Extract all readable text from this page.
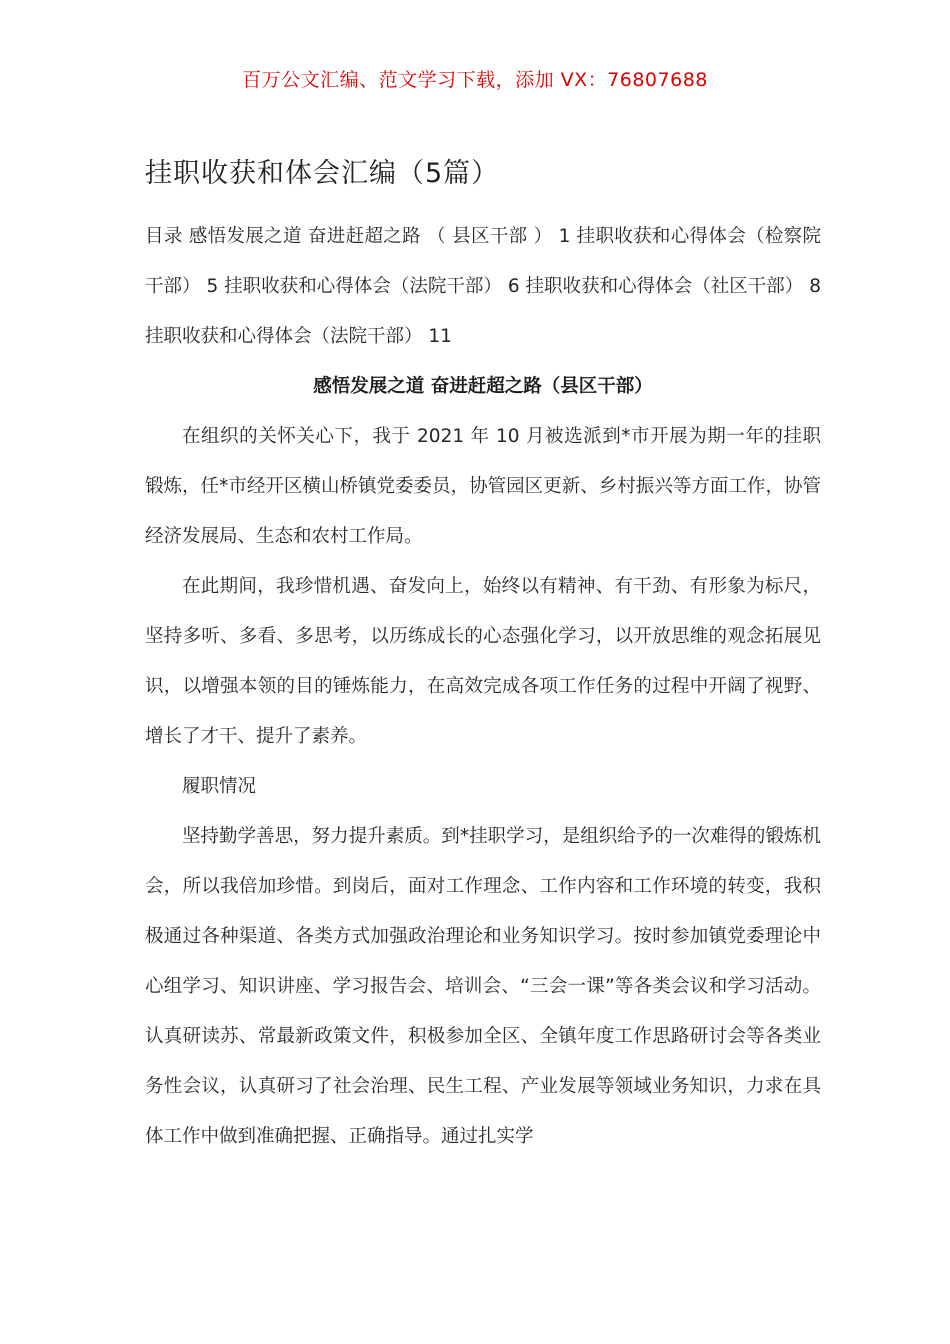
百万公文汇编、范文学习下载，添加 VX：76807688
挂职收获和体会汇编（5篇）

目录 感悟发展之道 奋进赶超之路 （ 县区干部 ） 1 挂职收获和心得体会（检察院干部） 5 挂职收获和心得体会（法院干部） 6 挂职收获和心得体会（社区干部） 8 挂职收获和心得体会（法院干部） 11

感悟发展之道 奋进赶超之路（县区干部）

在组织的关怀关心下，我于 2021 年 10 月被选派到*市开展为期一年的挂职锻炼，任*市经开区横山桥镇党委委员，协管园区更新、乡村振兴等方面工作，协管经济发展局、生态和农村工作局。

在此期间，我珍惜机遇、奋发向上，始终以有精神、有干劲、有形象为标尺，坚持多听、多看、多思考，以历练成长的心态强化学习，以开放思维的观念拓展见识，以增强本领的目的锤炼能力，在高效完成各项工作任务的过程中开阔了视野、增长了才干、提升了素养。

履职情况

坚持勤学善思，努力提升素质。到*挂职学习，是组织给予的一次难得的锻炼机会，所以我倍加珍惜。到岗后，面对工作理念、工作内容和工作环境的转变，我积极通过各种渠道、各类方式加强政治理论和业务知识学习。按时参加镇党委理论中心组学习、知识讲座、学习报告会、培训会、“三会一课”等各类会议和学习活动。认真研读苏、常最新政策文件，积极参加全区、全镇年度工作思路研讨会等各类业务性会议，认真研习了社会治理、民生工程、产业发展等领域业务知识，力求在具体工作中做到准确把握、正确指导。通过扎实学
